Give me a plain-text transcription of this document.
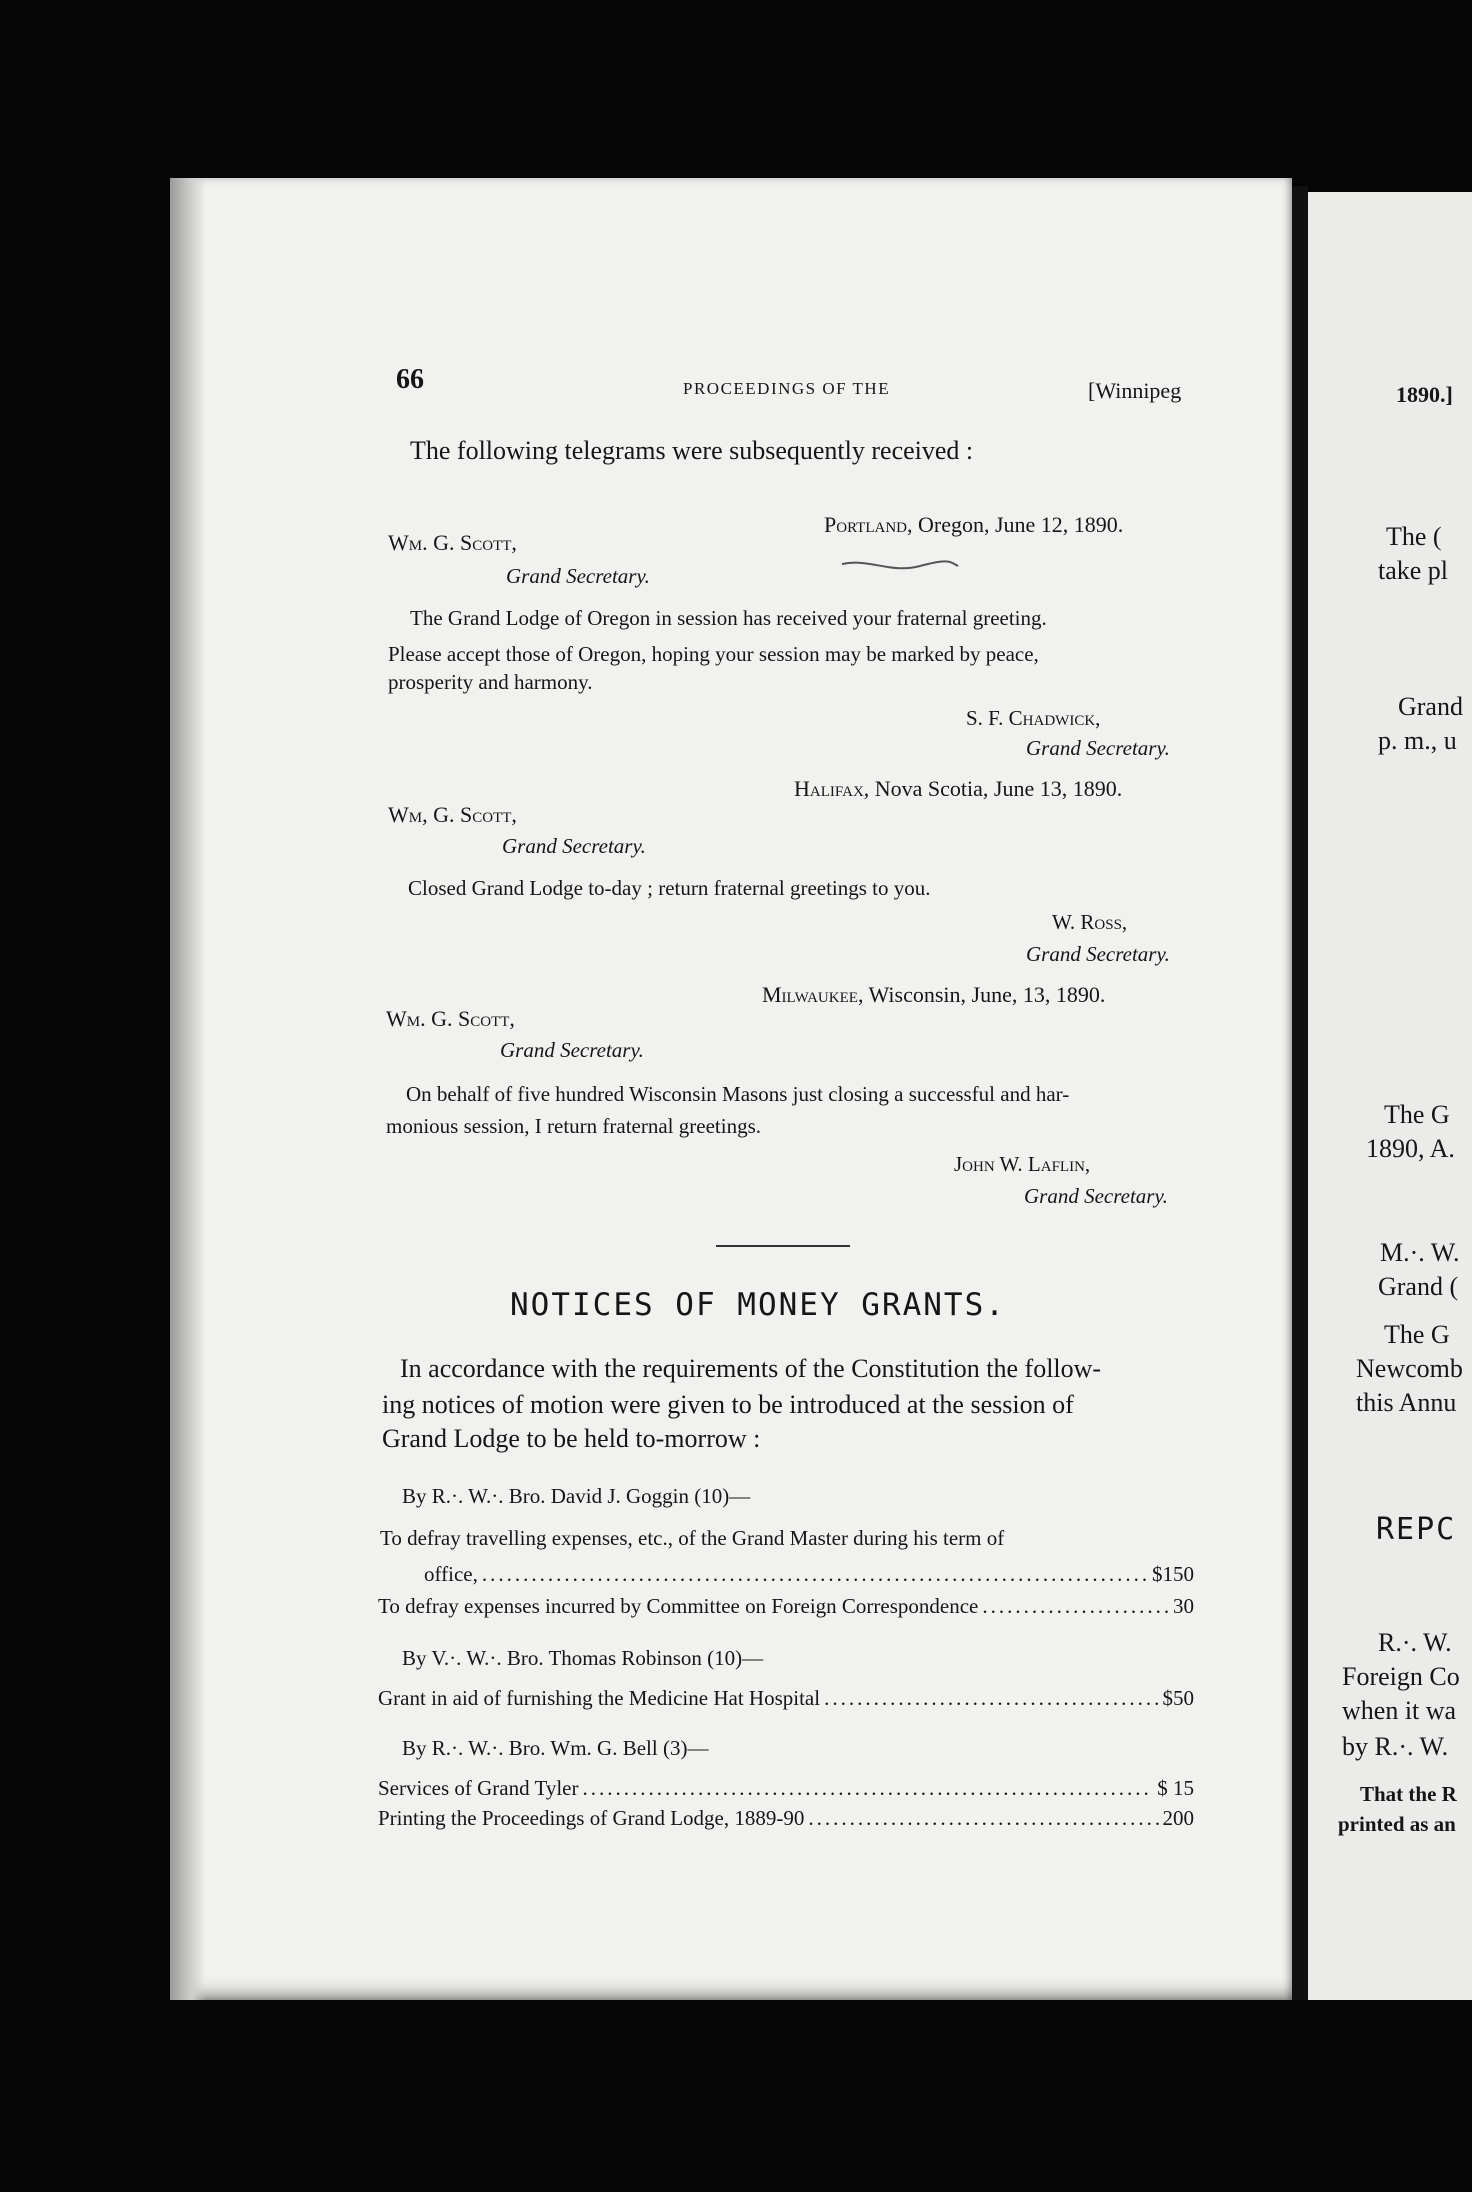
66	PROCEEDINGS OF THE	[Winnipeg
The following telegrams were subsequently received :
Portland, Oregon, June 12, 1890.
Wm. G. Scott,
Grand Secretary.
The Grand Lodge of Oregon in session has received your fraternal greeting.
Please accept those of Oregon, hoping your session may be marked by peace,
prosperity and harmony.
S. F. Chadwick,
Grand Secretary.
Halifax, Nova Scotia, June 13, 1890.
Wm, G. Scott,
Grand Secretary.
Closed Grand Lodge to-day ; return fraternal greetings to you.
W. Ross,
Grand Secretary.
Milwaukee, Wisconsin, June, 13, 1890.
Wm. G. Scott,
Grand Secretary.
On behalf of five hundred Wisconsin Masons just closing a successful and har-
monious session, I return fraternal greetings.
John W. Laflin,
Grand Secretary.
NOTICES OF MONEY GRANTS.
In accordance with the requirements of the Constitution the follow-
ing notices of motion were given to be introduced at the session of
Grand Lodge to be held to-morrow :
By R.·. W.·. Bro. David J. Goggin (10)—
To defray travelling expenses, etc., of the Grand Master during his term of
office, .....	$150
To defray expenses incurred by Committee on Foreign Correspondence .....	30
By V.·. W.·. Bro. Thomas Robinson (10)—
Grant in aid of furnishing the Medicine Hat Hospital .....	$50
By R.·. W.·. Bro. Wm. G. Bell (3)—
Services of Grand Tyler .....	$ 15
Printing the Proceedings of Grand Lodge, 1889-90 .....	200
1890.]
The (
take pl
Grand
p. m., u
The G
1890, A.
M.·. W.
Grand (
The G
Newcomb
REPC
this Annu
R.·. W.
Foreign Co
when it wa
by R.·. W.
That the R
printed as an
